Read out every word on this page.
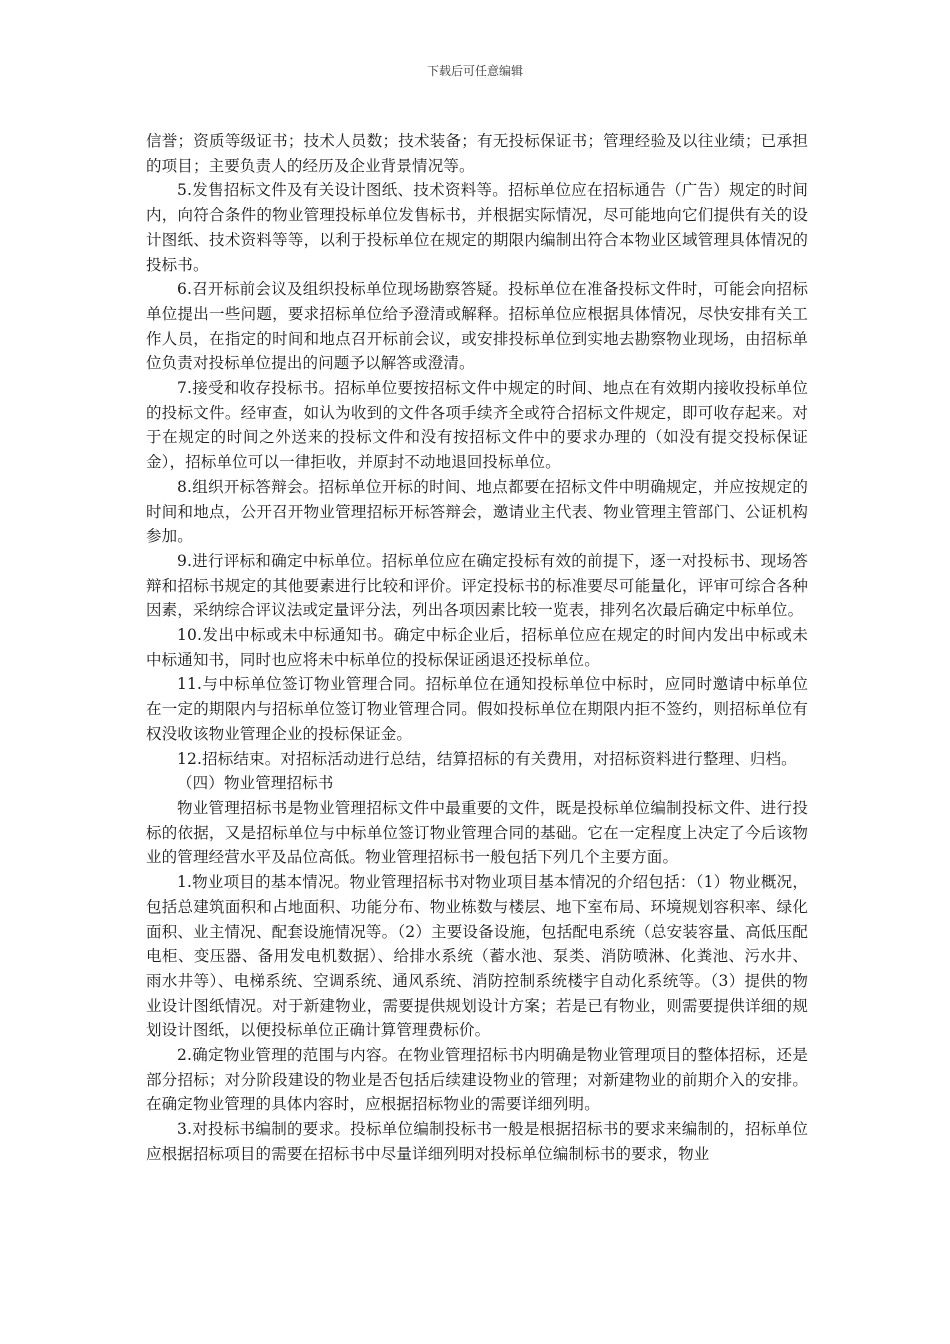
下载后可任意编辑

信誉；资质等级证书；技术人员数；技术装备；有无投标保证书；管理经验及以往业绩；已承担的项目；主要负责人的经历及企业背景情况等。

5.发售招标文件及有关设计图纸、技术资料等。招标单位应在招标通告（广告）规定的时间内，向符合条件的物业管理投标单位发售标书，并根据实际情况，尽可能地向它们提供有关的设计图纸、技术资料等等，以利于投标单位在规定的期限内编制出符合本物业区域管理具体情况的投标书。

6.召开标前会议及组织投标单位现场勘察答疑。投标单位在准备投标文件时，可能会向招标单位提出一些问题，要求招标单位给予澄清或解释。招标单位应根据具体情况，尽快安排有关工作人员，在指定的时间和地点召开标前会议，或安排投标单位到实地去勘察物业现场，由招标单位负责对投标单位提出的问题予以解答或澄清。

7.接受和收存投标书。招标单位要按招标文件中规定的时间、地点在有效期内接收投标单位的投标文件。经审查，如认为收到的文件各项手续齐全或符合招标文件规定，即可收存起来。对于在规定的时间之外送来的投标文件和没有按招标文件中的要求办理的（如没有提交投标保证金），招标单位可以一律拒收，并原封不动地退回投标单位。

8.组织开标答辩会。招标单位开标的时间、地点都要在招标文件中明确规定，并应按规定的时间和地点，公开召开物业管理招标开标答辩会，邀请业主代表、物业管理主管部门、公证机构参加。

9.进行评标和确定中标单位。招标单位应在确定投标有效的前提下，逐一对投标书、现场答辩和招标书规定的其他要素进行比较和评价。评定投标书的标准要尽可能量化，评审可综合各种因素，采纳综合评议法或定量评分法，列出各项因素比较一览表，排列名次最后确定中标单位。

10.发出中标或未中标通知书。确定中标企业后，招标单位应在规定的时间内发出中标或未中标通知书，同时也应将未中标单位的投标保证函退还投标单位。

11.与中标单位签订物业管理合同。招标单位在通知投标单位中标时，应同时邀请中标单位在一定的期限内与招标单位签订物业管理合同。假如投标单位在期限内拒不签约，则招标单位有权没收该物业管理企业的投标保证金。

12.招标结束。对招标活动进行总结，结算招标的有关费用，对招标资料进行整理、归档。

（四）物业管理招标书

物业管理招标书是物业管理招标文件中最重要的文件，既是投标单位编制投标文件、进行投标的依据，又是招标单位与中标单位签订物业管理合同的基础。它在一定程度上决定了今后该物业的管理经营水平及品位高低。物业管理招标书一般包括下列几个主要方面。

1.物业项目的基本情况。物业管理招标书对物业项目基本情况的介绍包括：（1）物业概况，包括总建筑面积和占地面积、功能分布、物业栋数与楼层、地下室布局、环境规划容积率、绿化面积、业主情况、配套设施情况等。（2）主要设备设施，包括配电系统（总安装容量、高低压配电柜、变压器、备用发电机数据）、给排水系统（蓄水池、泵类、消防喷淋、化粪池、污水井、雨水井等）、电梯系统、空调系统、通风系统、消防控制系统楼宇自动化系统等。（3）提供的物业设计图纸情况。对于新建物业，需要提供规划设计方案；若是已有物业，则需要提供详细的规划设计图纸，以便投标单位正确计算管理费标价。

2.确定物业管理的范围与内容。在物业管理招标书内明确是物业管理项目的整体招标，还是部分招标；对分阶段建设的物业是否包括后续建设物业的管理；对新建物业的前期介入的安排。在确定物业管理的具体内容时，应根据招标物业的需要详细列明。

3.对投标书编制的要求。投标单位编制投标书一般是根据招标书的要求来编制的，招标单位应根据招标项目的需要在招标书中尽量详细列明对投标单位编制标书的要求，物业
